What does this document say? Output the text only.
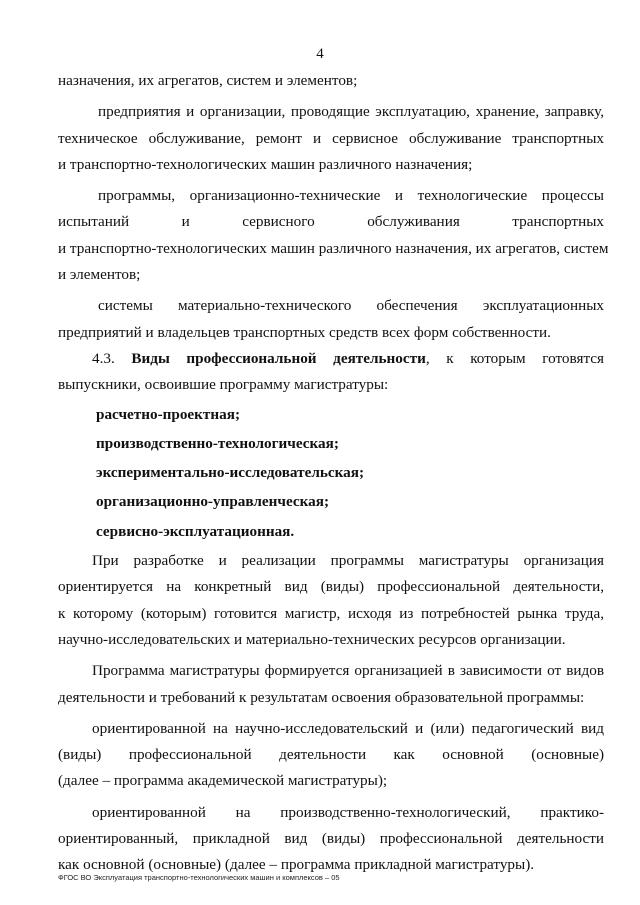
4

назначения, их агрегатов, систем и элементов;

предприятия и организации, проводящие эксплуатацию, хранение, заправку,
техническое обслуживание, ремонт и сервисное обслуживание транспортных
и транспортно-технологических машин различного назначения;

программы, организационно-технические и технологические процессы
испытаний и сервисного обслуживания транспортных
и транспортно-технологических машин различного назначения, их агрегатов, систем
и элементов;

системы материально-технического обеспечения эксплуатационных
предприятий и владельцев транспортных средств всех форм собственности.

4.3. Виды профессиональной деятельности, к которым готовятся
выпускники, освоившие программу магистратуры:

расчетно-проектная;
производственно-технологическая;
экспериментально-исследовательская;
организационно-управленческая;
сервисно-эксплуатационная.

При разработке и реализации программы магистратуры организация
ориентируется на конкретный вид (виды) профессиональной деятельности,
к которому (которым) готовится магистр, исходя из потребностей рынка труда,
научно-исследовательских и материально-технических ресурсов организации.

Программа магистратуры формируется организацией в зависимости от видов
деятельности и требований к результатам освоения образовательной программы:

ориентированной на научно-исследовательский и (или) педагогический вид
(виды) профессиональной деятельности как основной (основные)
(далее – программа академической магистратуры);

ориентированной на производственно-технологический, практико-
ориентированный, прикладной вид (виды) профессиональной деятельности
как основной (основные) (далее – программа прикладной магистратуры).

ФГОС ВО Эксплуатация транспортно-технологических машин и комплексов – 05
